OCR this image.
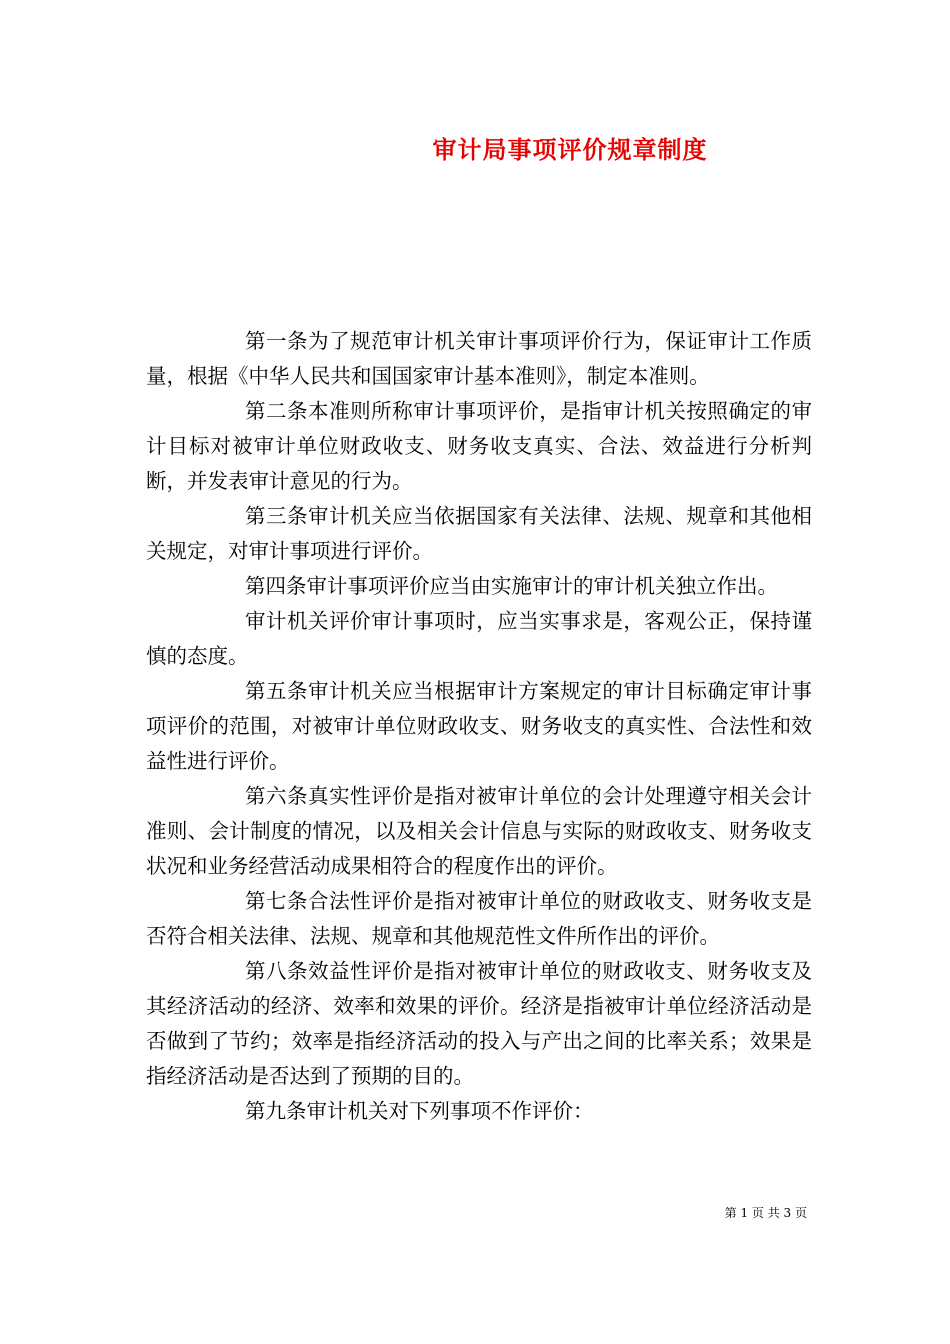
审计局事项评价规章制度

第一条为了规范审计机关审计事项评价行为，保证审计工作质量，根据《中华人民共和国国家审计基本准则》，制定本准则。

第二条本准则所称审计事项评价，是指审计机关按照确定的审计目标对被审计单位财政收支、财务收支真实、合法、效益进行分析判断，并发表审计意见的行为。

第三条审计机关应当依据国家有关法律、法规、规章和其他相关规定，对审计事项进行评价。

第四条审计事项评价应当由实施审计的审计机关独立作出。

审计机关评价审计事项时，应当实事求是，客观公正，保持谨慎的态度。

第五条审计机关应当根据审计方案规定的审计目标确定审计事项评价的范围，对被审计单位财政收支、财务收支的真实性、合法性和效益性进行评价。

第六条真实性评价是指对被审计单位的会计处理遵守相关会计准则、会计制度的情况，以及相关会计信息与实际的财政收支、财务收支状况和业务经营活动成果相符合的程度作出的评价。

第七条合法性评价是指对被审计单位的财政收支、财务收支是否符合相关法律、法规、规章和其他规范性文件所作出的评价。

第八条效益性评价是指对被审计单位的财政收支、财务收支及其经济活动的经济、效率和效果的评价。经济是指被审计单位经济活动是否做到了节约；效率是指经济活动的投入与产出之间的比率关系；效果是指经济活动是否达到了预期的目的。

第九条审计机关对下列事项不作评价：

第 1 页 共 3 页
